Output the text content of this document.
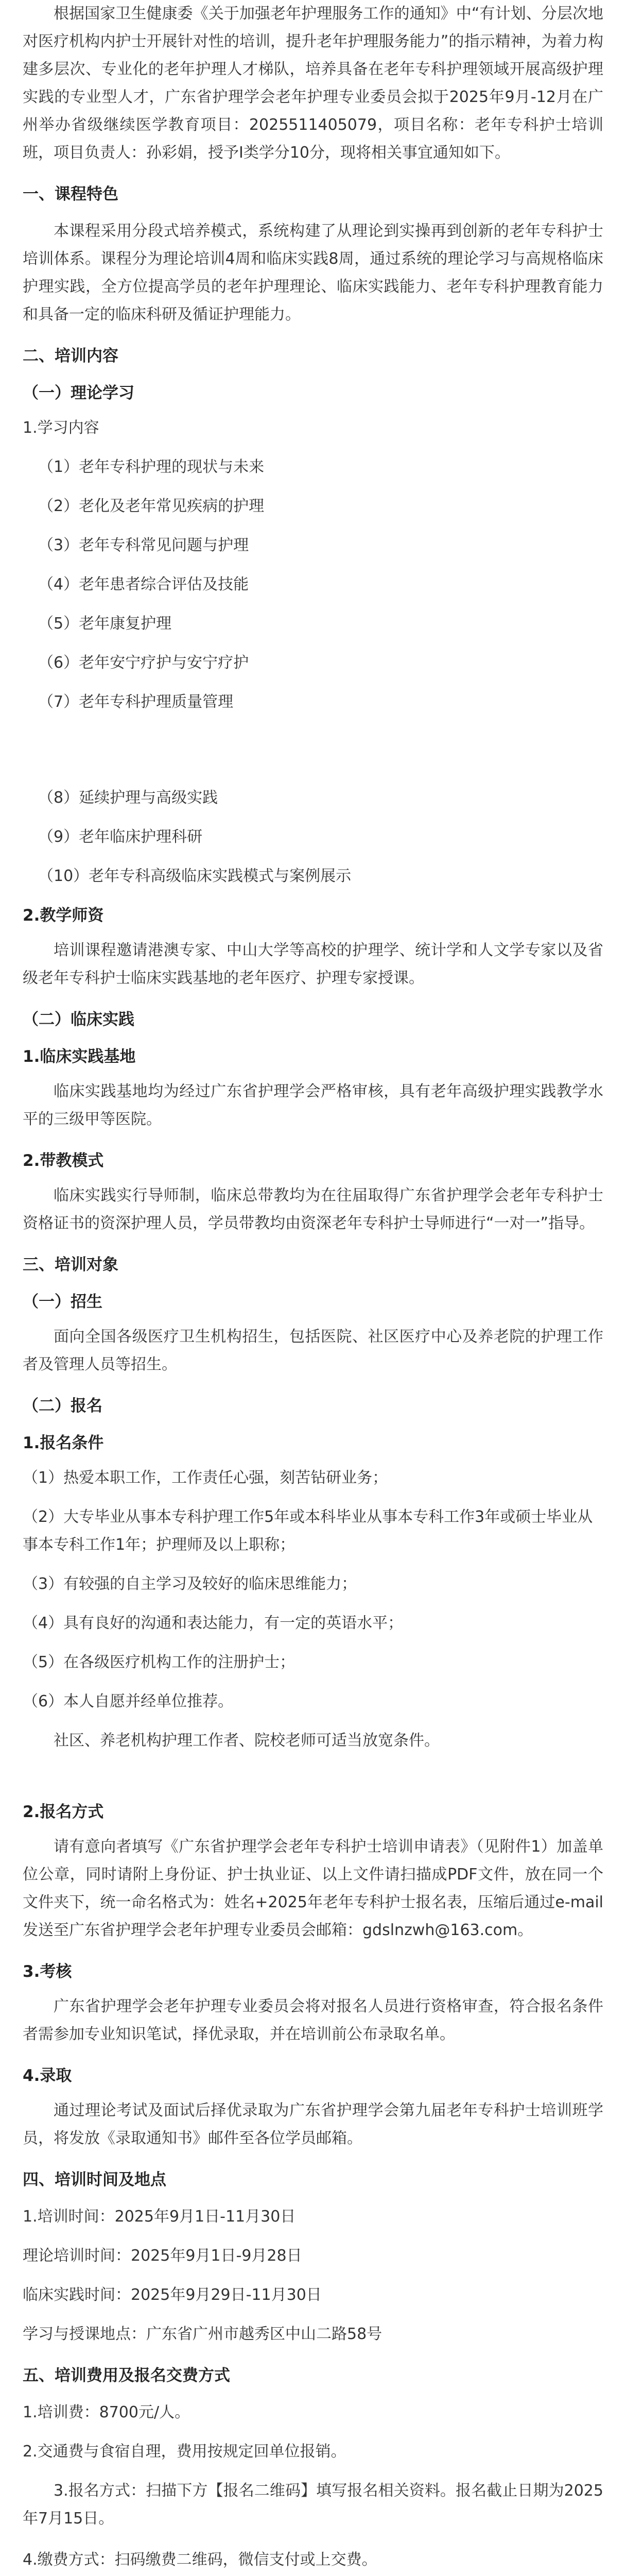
根据国家卫生健康委《关于加强老年护理服务工作的通知》中“有计划、分层次地对医疗机构内护士开展针对性的培训，提升老年护理服务能力”的指示精神，为着力构建多层次、专业化的老年护理人才梯队，培养具备在老年专科护理领域开展高级护理实践的专业型人才，广东省护理学会老年护理专业委员会拟于2025年9月-12月在广州举办省级继续医学教育项目：2025511405079，项目名称：老年专科护士培训班，项目负责人：孙彩娟，授予Ⅰ类学分10分，现将相关事宜通知如下。

一、课程特色

本课程采用分段式培养模式，系统构建了从理论到实操再到创新的老年专科护士培训体系。课程分为理论培训4周和临床实践8周，通过系统的理论学习与高规格临床护理实践，全方位提高学员的老年护理理论、临床实践能力、老年专科护理教育能力和具备一定的临床科研及循证护理能力。

二、培训内容
（一）理论学习
1.学习内容
（1）老年专科护理的现状与未来
（2）老化及老年常见疾病的护理
（3）老年专科常见问题与护理
（4）老年患者综合评估及技能
（5）老年康复护理
（6）老年安宁疗护与安宁疗护
（7）老年专科护理质量管理
（8）延续护理与高级实践
（9）老年临床护理科研
（10）老年专科高级临床实践模式与案例展示
2.教学师资

培训课程邀请港澳专家、中山大学等高校的护理学、统计学和人文学专家以及省级老年专科护士临床实践基地的老年医疗、护理专家授课。

（二）临床实践
1.临床实践基地

临床实践基地均为经过广东省护理学会严格审核，具有老年高级护理实践教学水平的三级甲等医院。

2.带教模式

临床实践实行导师制，临床总带教均为在往届取得广东省护理学会老年专科护士资格证书的资深护理人员，学员带教均由资深老年专科护士导师进行“一对一”指导。

三、培训对象
（一）招生

面向全国各级医疗卫生机构招生，包括医院、社区医疗中心及养老院的护理工作者及管理人员等招生。

（二）报名
1.报名条件
（1）热爱本职工作，工作责任心强，刻苦钻研业务；
（2）大专毕业从事本专科护理工作5年或本科毕业从事本专科工作3年或硕士毕业从事本专科工作1年；护理师及以上职称；
（3）有较强的自主学习及较好的临床思维能力；
（4）具有良好的沟通和表达能力，有一定的英语水平；
（5）在各级医疗机构工作的注册护士；
（6）本人自愿并经单位推荐。

社区、养老机构护理工作者、院校老师可适当放宽条件。

2.报名方式

请有意向者填写《广东省护理学会老年专科护士培训申请表》（见附件1）加盖单位公章，同时请附上身份证、护士执业证、以上文件请扫描成PDF文件，放在同一个文件夹下，统一命名格式为：姓名+2025年老年专科护士报名表，压缩后通过e-mail发送至广东省护理学会老年护理专业委员会邮箱：gdslnzwh@163.com。

3.考核

广东省护理学会老年护理专业委员会将对报名人员进行资格审查，符合报名条件者需参加专业知识笔试，择优录取，并在培训前公布录取名单。

4.录取

通过理论考试及面试后择优录取为广东省护理学会第九届老年专科护士培训班学员，将发放《录取通知书》邮件至各位学员邮箱。

四、培训时间及地点
1.培训时间：2025年9月1日-11月30日
理论培训时间：2025年9月1日-9月28日
临床实践时间：2025年9月29日-11月30日
学习与授课地点：广东省广州市越秀区中山二路58号
五、培训费用及报名交费方式
1.培训费：8700元/人。
2.交通费与食宿自理，费用按规定回单位报销。

3.报名方式：扫描下方【报名二维码】填写报名相关资料。报名截止日期为2025年7月15日。

4.缴费方式：扫码缴费二维码，微信支付或上交费。
